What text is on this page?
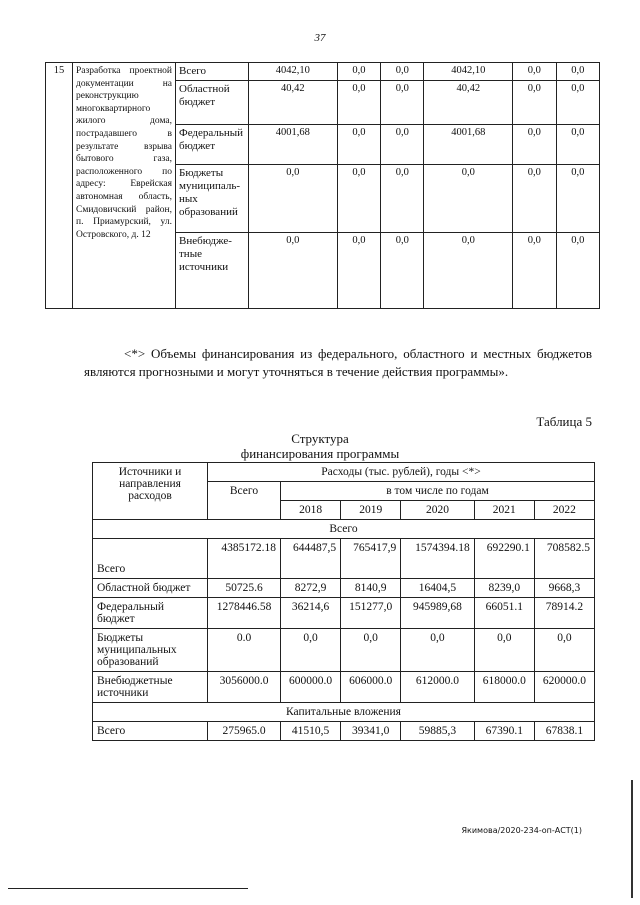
37
15	Разработка проектной документации на реконструкцию многоквартирного жилого дома, пострадавшего в результате взрыва бытового газа, расположенного по адресу: Еврейская автономная область, Смидовичский район, п. Приамурский, ул. Островского, д. 12	Всего	4042,10	0,0	0,0	4042,10	0,0	0,0
		Областной бюджет	40,42	0,0	0,0	40,42	0,0	0,0
		Федеральный бюджет	4001,68	0,0	0,0	4001,68	0,0	0,0
		Бюджеты муниципаль-ных образований	0,0	0,0	0,0	0,0	0,0	0,0
		Внебюдже-тные источники	0,0	0,0	0,0	0,0	0,0	0,0

<*> Объемы финансирования из федерального, областного и местных бюджетов являются прогнозными и могут уточняться в течение действия программы».

Таблица 5
Структура
финансирования программы
Источники и направления расходов	Расходы (тыс. рублей), годы <*>					
	Всего	в том числе по годам				
		2018	2019	2020	2021	2022
Всего						
Всего	4385172.18	644487,5	765417,9	1574394.18	692290.1	708582.5
Областной бюджет	50725.6	8272,9	8140,9	16404,5	8239,0	9668,3
Федеральный бюджет	1278446.58	36214,6	151277,0	945989,68	66051.1	78914.2
Бюджеты муниципальных образований	0.0	0,0	0,0	0,0	0,0	0,0
Внебюджетные источники	3056000.0	600000.0	606000.0	612000.0	618000.0	620000.0
Капитальные вложения						
Всего	275965.0	41510,5	39341,0	59885,3	67390.1	67838.1
Якимова/2020-234-оп-АСТ(1)
